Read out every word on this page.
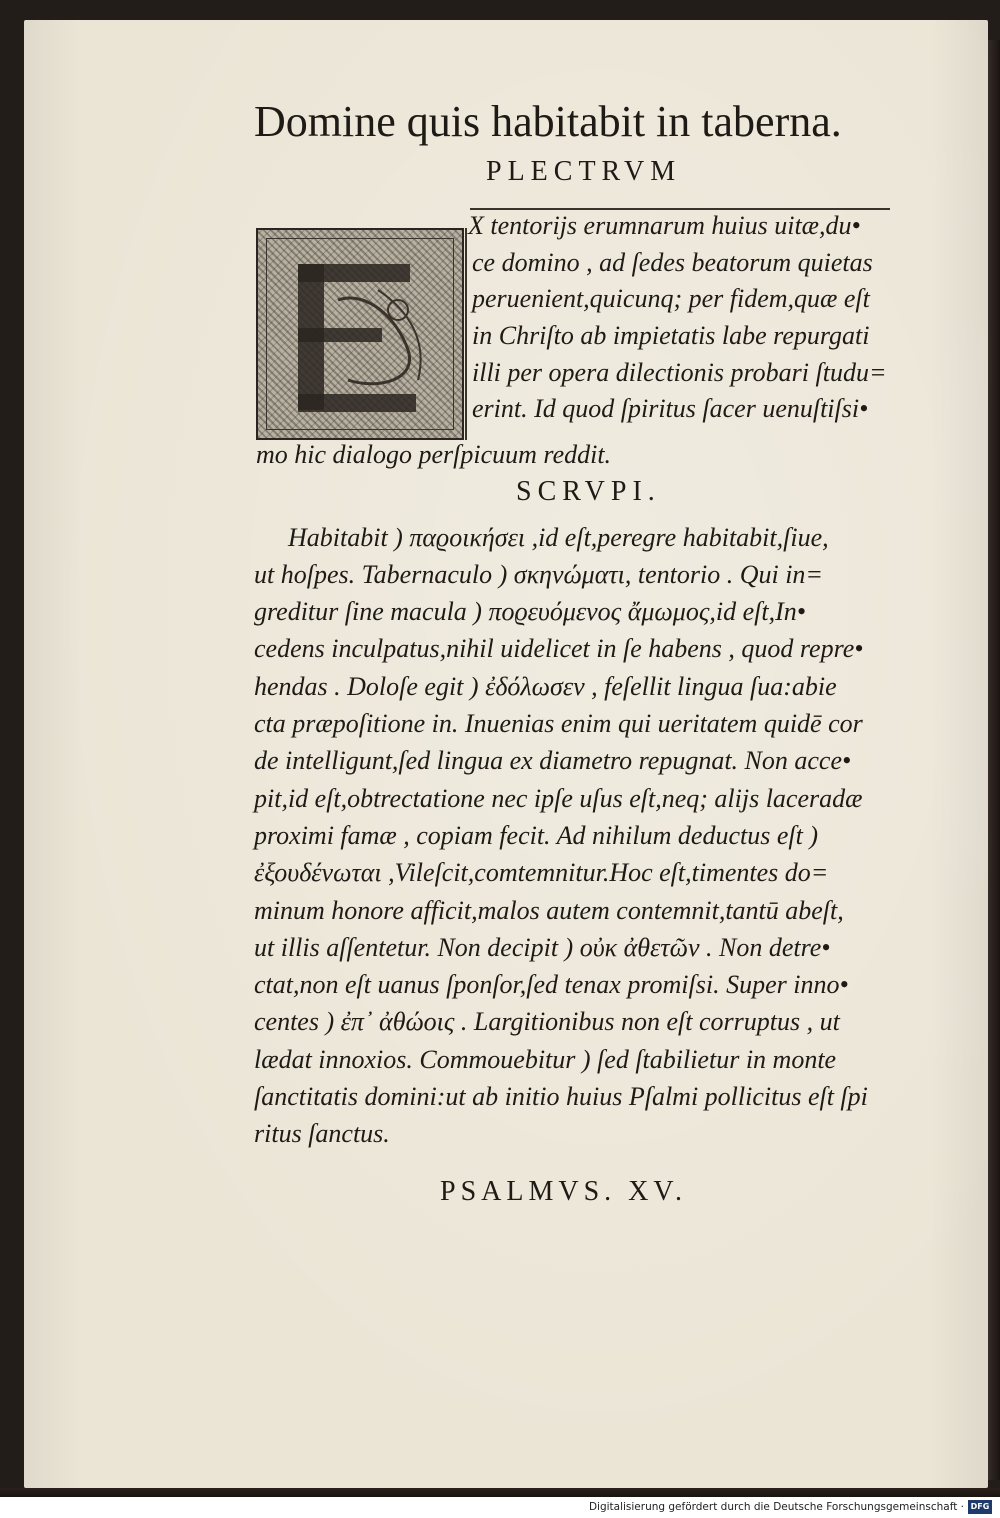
Domine quis habitabit in taberna.
PLECTRVM
X tentorijs erumnarum huius uitæ,du•
ce domino , ad ſedes beatorum quietas
peruenient,quicunq; per fidem,quæ eſt
in Chriſto ab impietatis labe repurgati
illi per opera dilectionis probari ſtudu=
erint. Id quod ſpiritus ſacer uenuſtiſsi•
mo hic dialogo perſpicuum reddit.
SCRVPI.
Habitabit ) παϱοικήσει ,id eſt,peregre habitabit,ſiue,
ut hoſpes. Tabernaculo ) σκηνώματι, tentorio . Qui in=
greditur ſine macula ) ποϱευόμενος ἄμωμος,id eſt,In•
cedens inculpatus,nihil uidelicet in ſe habens , quod repre•
hendas . Doloſe egit ) ἐδόλωσεν , feſellit lingua ſua:abie
cta præpoſitione in. Inuenias enim qui ueritatem quidē cor
de intelligunt,ſed lingua ex diametro repugnat. Non acce•
pit,id eſt,obtrectatione nec ipſe uſus eſt,neq; alijs laceradæ
proximi famæ , copiam fecit. Ad nihilum deductus eſt )
ἐξουδένωται ,Vileſcit,comtemnitur.Hoc eſt,timentes do=
minum honore afficit,malos autem contemnit,tantū abeſt,
ut illis aſſentetur. Non decipit ) οὐκ ἀθετῶν . Non detre•
ctat,non eſt uanus ſponſor,ſed tenax promiſsi. Super inno•
centes ) ἐπ᾽ ἀθώοις . Largitionibus non eſt corruptus , ut
lædat innoxios. Commouebitur ) ſed ſtabilietur in monte
ſanctitatis domini:ut ab initio huius Pſalmi pollicitus eſt ſpi
ritus ſanctus.
PSALMVS. XV.
Digitalisierung gefördert durch die Deutsche Forschungsgemeinschaft · DFG
